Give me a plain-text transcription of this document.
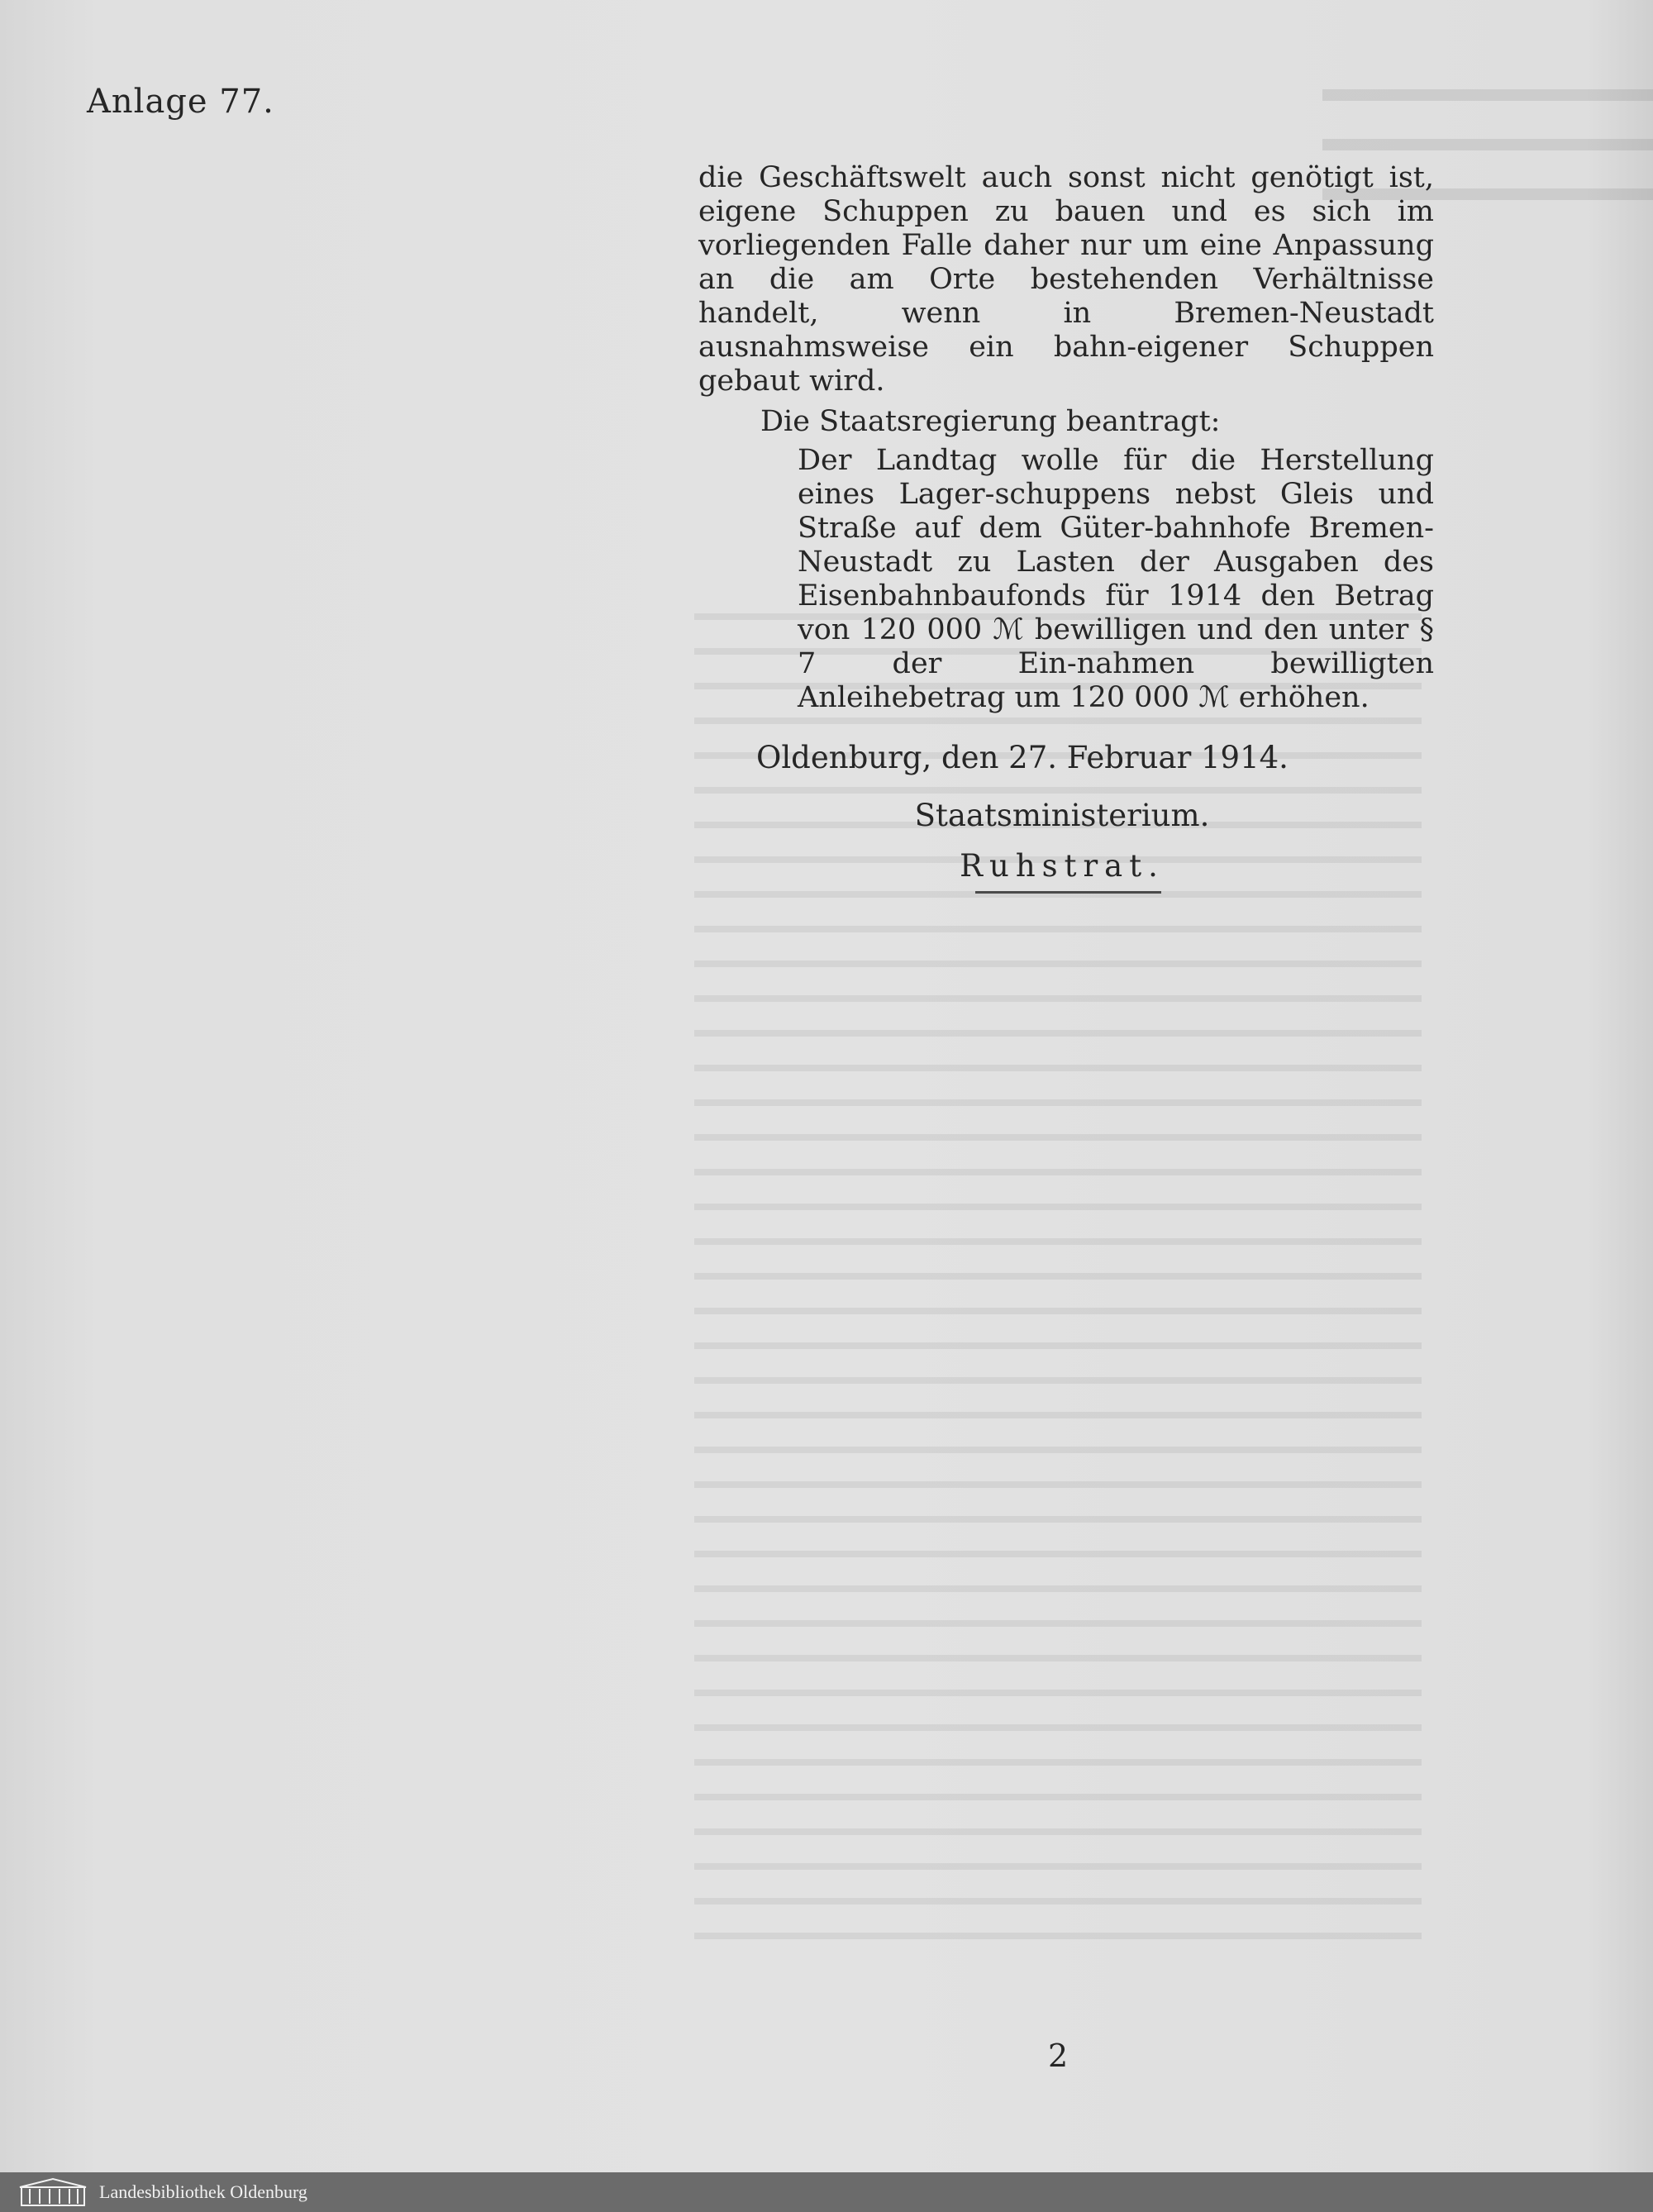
Anlage 77.

die Geschäftswelt auch sonst nicht genötigt ist, eigene Schuppen zu bauen und es sich im vorliegenden Falle daher nur um eine Anpassung an die am Orte bestehenden Verhältnisse handelt, wenn in Bremen-Neustadt ausnahmsweise ein bahn-eigener Schuppen gebaut wird.

Die Staatsregierung beantragt:

Der Landtag wolle für die Herstellung eines Lager-schuppens nebst Gleis und Straße auf dem Güter-bahnhofe Bremen-Neustadt zu Lasten der Ausgaben des Eisenbahnbaufonds für 1914 den Betrag von 120 000 ℳ bewilligen und den unter § 7 der Ein-nahmen bewilligten Anleihebetrag um 120 000 ℳ erhöhen.

Oldenburg, den 27. Februar 1914.
Staatsministerium.
Ruhstrat.
2
Landesbibliothek Oldenburg
